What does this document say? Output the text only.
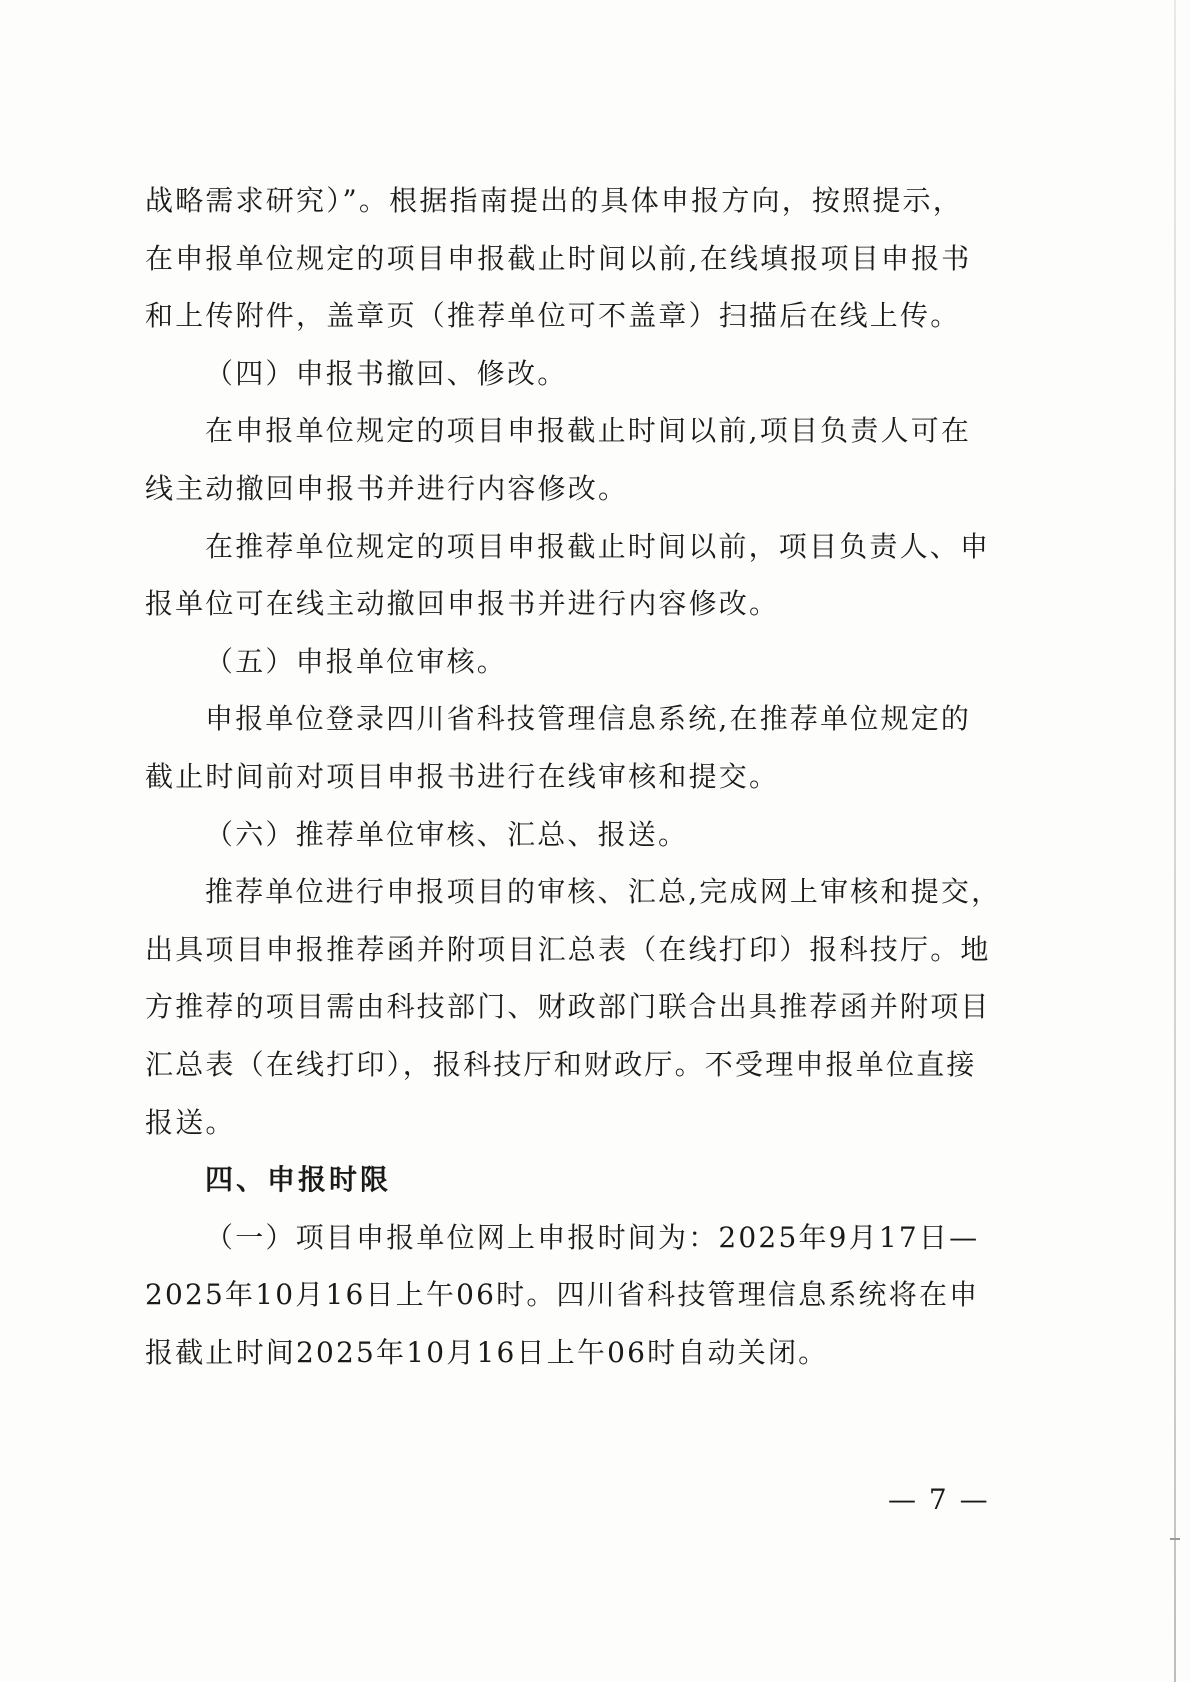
战略需求研究）”。根据指南提出的具体申报方向，按照提示，

在申报单位规定的项目申报截止时间以前,在线填报项目申报书

和上传附件，盖章页（推荐单位可不盖章）扫描后在线上传。

（四）申报书撤回、修改。

在申报单位规定的项目申报截止时间以前,项目负责人可在

线主动撤回申报书并进行内容修改。

在推荐单位规定的项目申报截止时间以前，项目负责人、申

报单位可在线主动撤回申报书并进行内容修改。

（五）申报单位审核。

申报单位登录四川省科技管理信息系统,在推荐单位规定的

截止时间前对项目申报书进行在线审核和提交。

（六）推荐单位审核、汇总、报送。

推荐单位进行申报项目的审核、汇总,完成网上审核和提交，

出具项目申报推荐函并附项目汇总表（在线打印）报科技厅。地

方推荐的项目需由科技部门、财政部门联合出具推荐函并附项目

汇总表（在线打印），报科技厅和财政厅。不受理申报单位直接

报送。

四、申报时限

（一）项目申报单位网上申报时间为：2025年9月17日—

2025年10月16日上午06时。四川省科技管理信息系统将在申

报截止时间2025年10月16日上午06时自动关闭。

— 7 —
